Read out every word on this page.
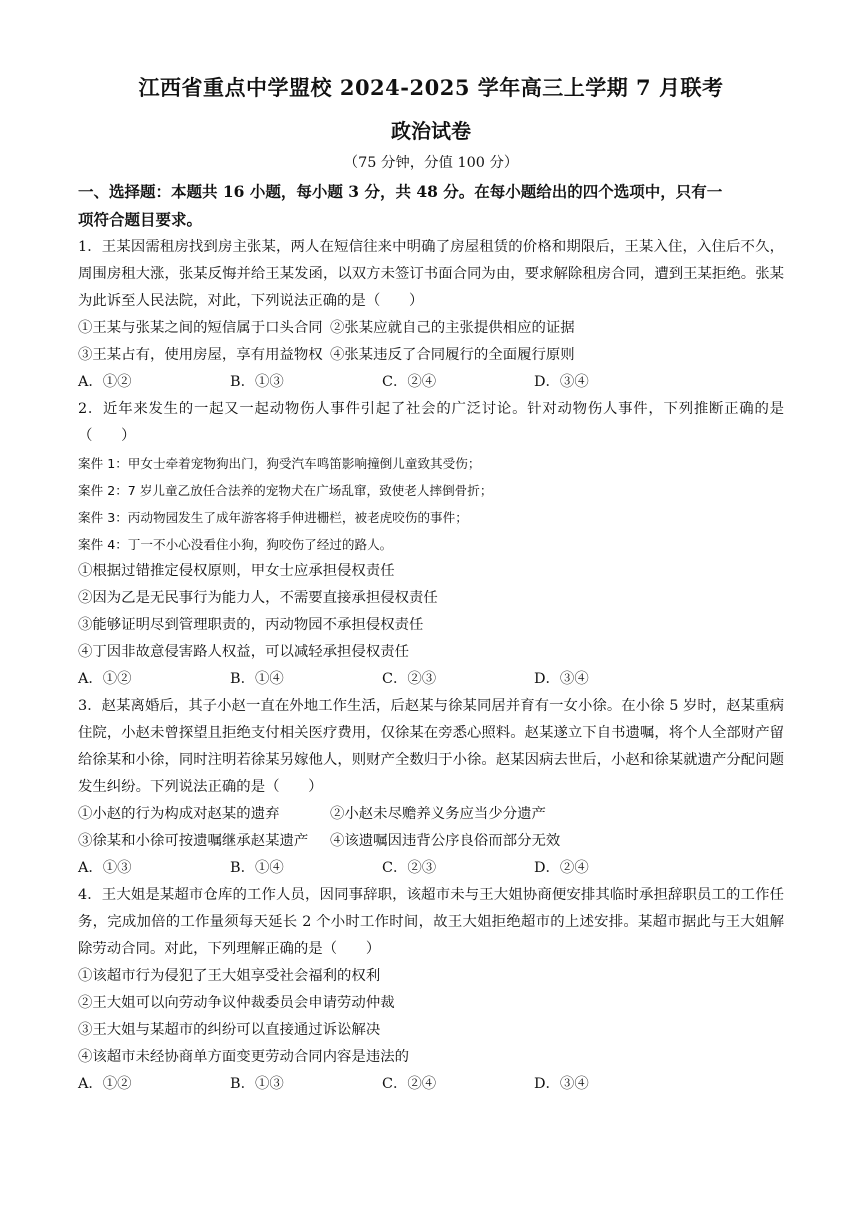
江西省重点中学盟校 2024-2025 学年高三上学期 7 月联考

政治试卷

（75 分钟，分值 100 分）

一、选择题：本题共 16 小题，每小题 3 分，共 48 分。在每小题给出的四个选项中，只有一
项符合题目要求。

1．王某因需租房找到房主张某，两人在短信往来中明确了房屋租赁的价格和期限后，王某入住，入住后不久，周围房租大涨，张某反悔并给王某发函，以双方未签订书面合同为由，要求解除租房合同，遭到王某拒绝。张某为此诉至人民法院，对此，下列说法正确的是（　　）

①王某与张某之间的短信属于口头合同 ②张某应就自己的主张提供相应的证据
③王某占有，使用房屋，享有用益物权 ④张某违反了合同履行的全面履行原则

A．①②	B．①③	C．②④	D．③④

2．近年来发生的一起又一起动物伤人事件引起了社会的广泛讨论。针对动物伤人事件，下列推断正确的是（　　）

案件 1：甲女士牵着宠物狗出门，狗受汽车鸣笛影响撞倒儿童致其受伤；

案件 2：7 岁儿童乙放任合法养的宠物犬在广场乱窜，致使老人摔倒骨折；

案件 3：丙动物园发生了成年游客将手伸进栅栏，被老虎咬伤的事件；

案件 4：丁一不小心没看住小狗，狗咬伤了经过的路人。

①根据过错推定侵权原则，甲女士应承担侵权责任

②因为乙是无民事行为能力人，不需要直接承担侵权责任

③能够证明尽到管理职责的，丙动物园不承担侵权责任

④丁因非故意侵害路人权益，可以减轻承担侵权责任

A．①②	B．①④	C．②③	D．③④

3．赵某离婚后，其子小赵一直在外地工作生活，后赵某与徐某同居并育有一女小徐。在小徐 5 岁时，赵某重病住院，小赵未曾探望且拒绝支付相关医疗费用，仅徐某在旁悉心照料。赵某遂立下自书遗嘱，将个人全部财产留给徐某和小徐，同时注明若徐某另嫁他人，则财产全数归于小徐。赵某因病去世后，小赵和徐某就遗产分配问题发生纠纷。下列说法正确的是（　　）

①小赵的行为构成对赵某的遗弃	②小赵未尽赡养义务应当少分遗产
③徐某和小徐可按遗嘱继承赵某遗产	④该遗嘱因违背公序良俗而部分无效

A．①③	B．①④	C．②③	D．②④

4．王大姐是某超市仓库的工作人员，因同事辞职，该超市未与王大姐协商便安排其临时承担辞职员工的工作任务，完成加倍的工作量须每天延长 2 个小时工作时间，故王大姐拒绝超市的上述安排。某超市据此与王大姐解除劳动合同。对此，下列理解正确的是（　　）

①该超市行为侵犯了王大姐享受社会福利的权利

②王大姐可以向劳动争议仲裁委员会申请劳动仲裁

③王大姐与某超市的纠纷可以直接通过诉讼解决

④该超市未经协商单方面变更劳动合同内容是违法的

A．①②	B．①③	C．②④	D．③④
